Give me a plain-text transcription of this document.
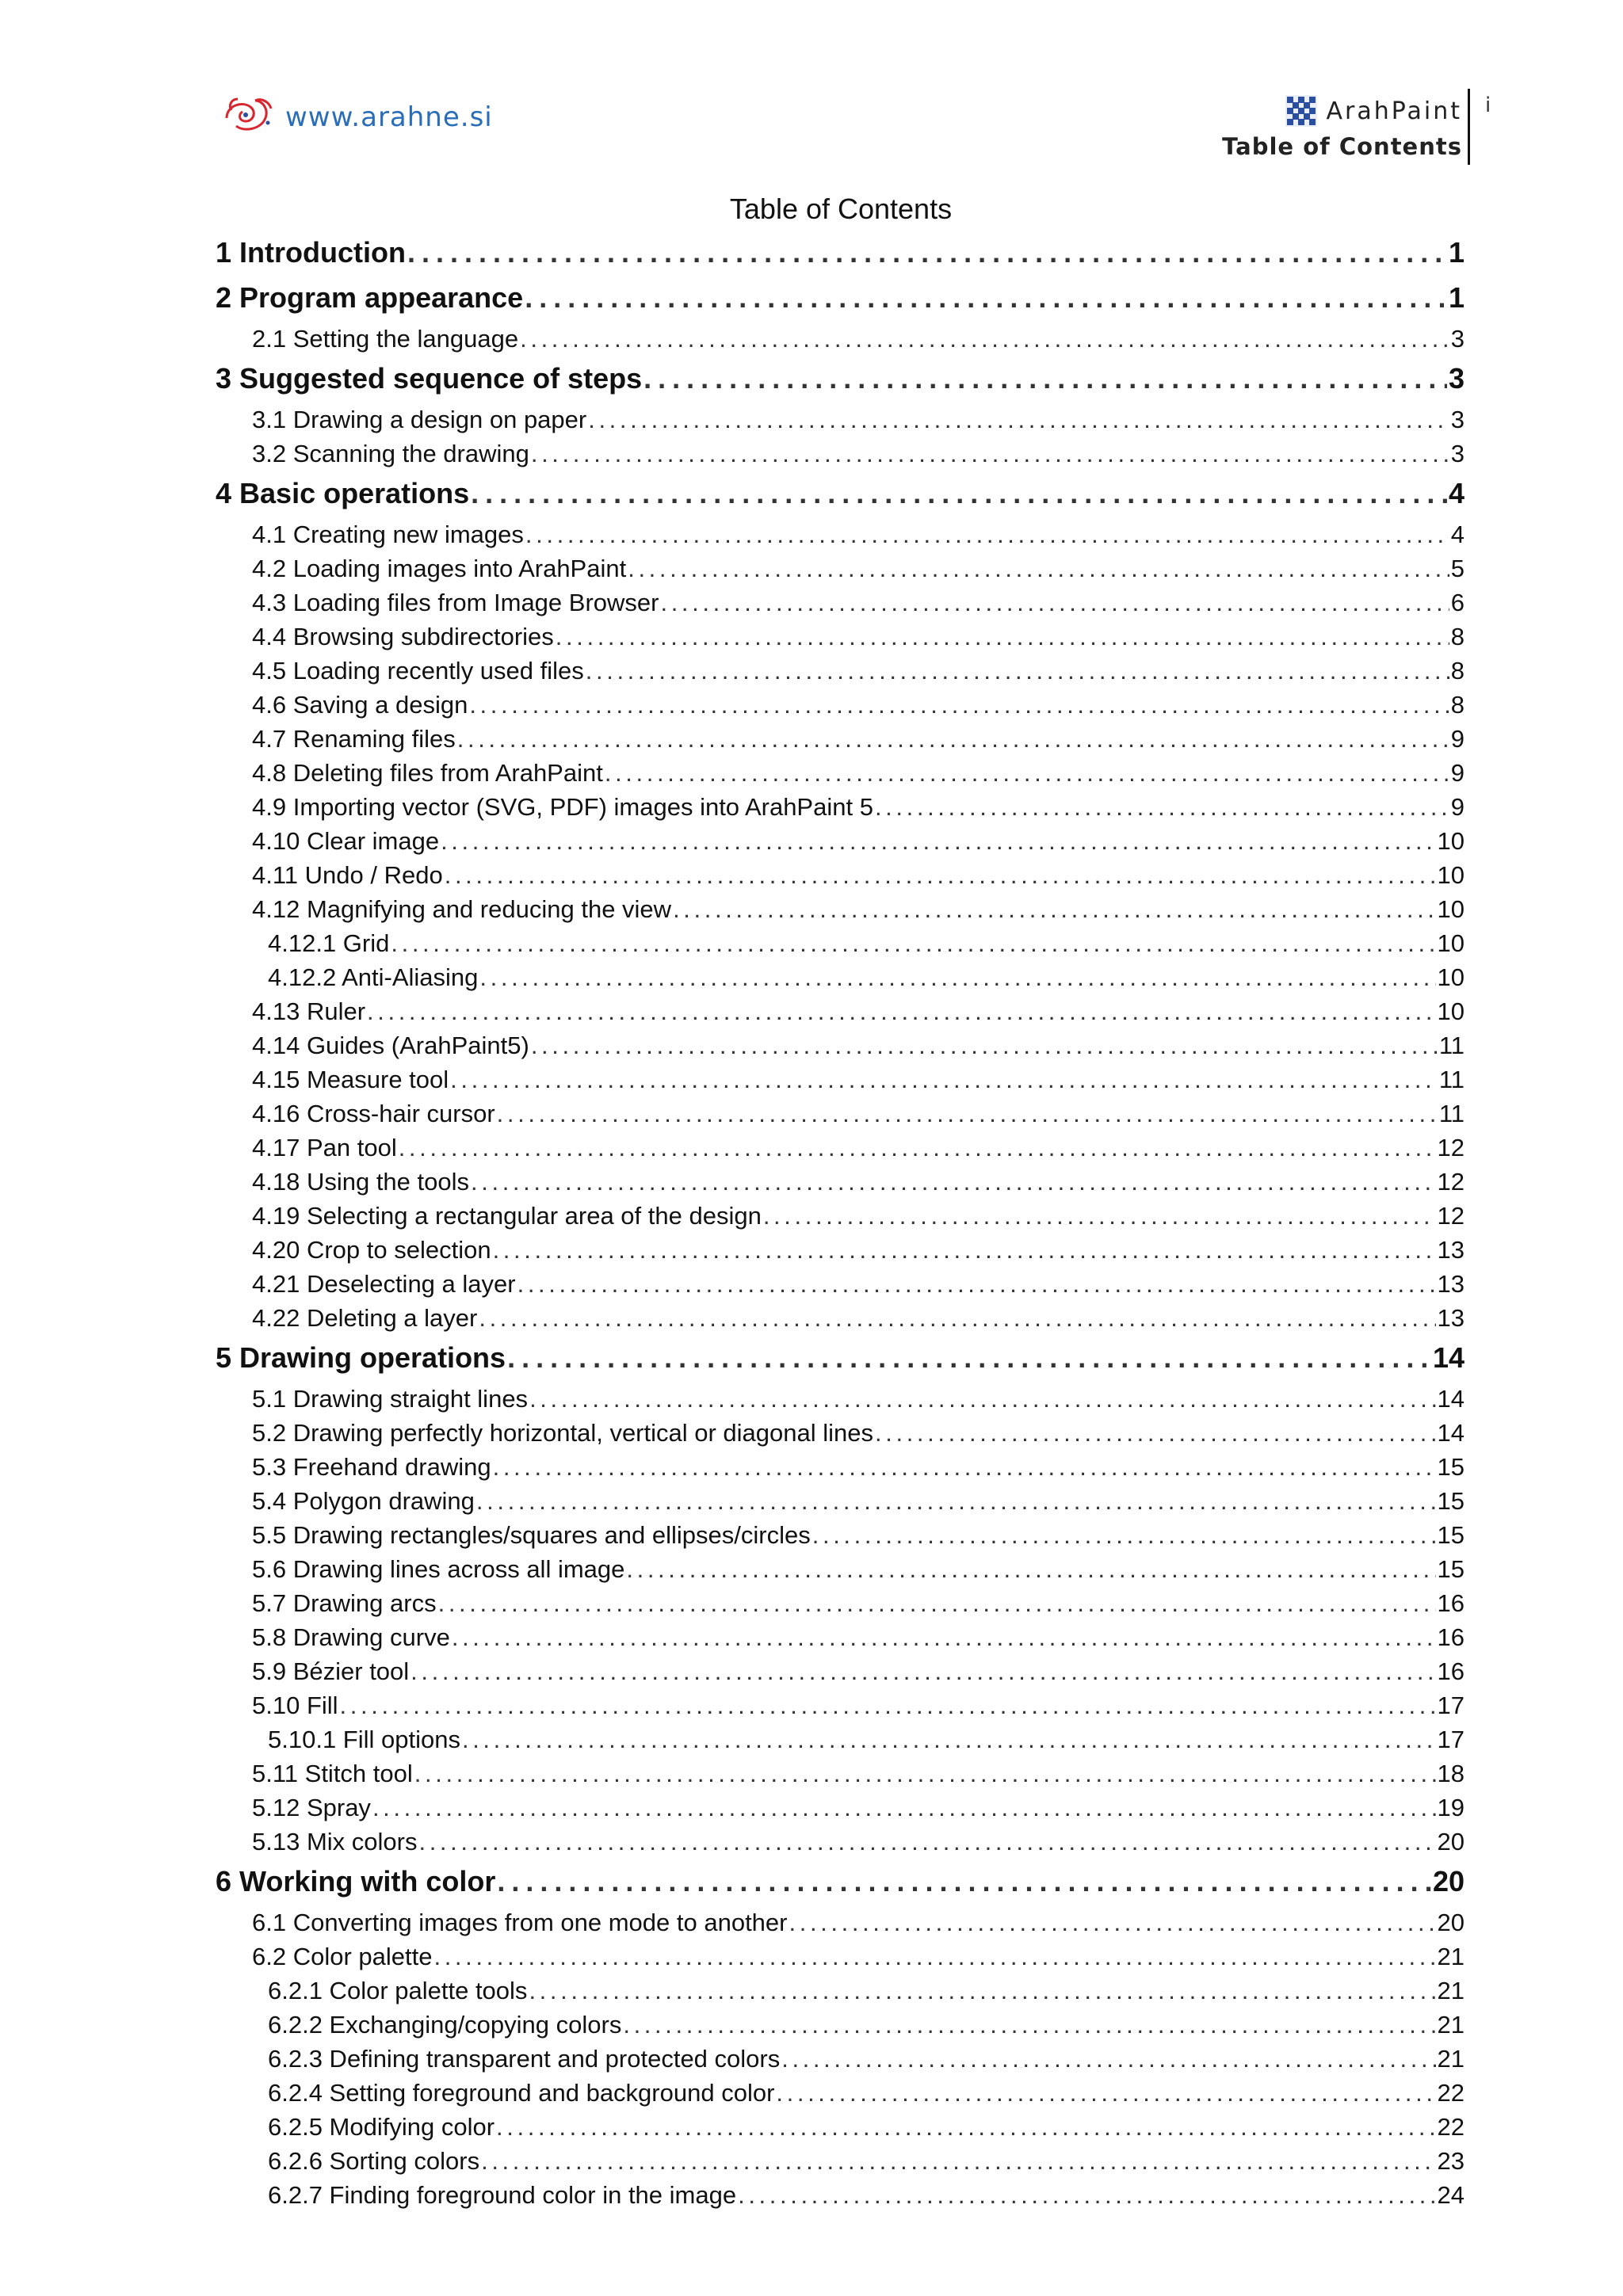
www.arahne.si	ArahPaint
Table of Contents
i
Table of Contents
1 Introduction . . .	1
2 Program appearance . . .	1
2.1 Setting the language . . .	3
3 Suggested sequence of steps . . .	3
3.1 Drawing a design on paper . . .	3
3.2 Scanning the drawing . . .	3
4 Basic operations . . .	4
4.1 Creating new images . . .	4
4.2 Loading images into ArahPaint . . .	5
4.3 Loading files from Image Browser . . .	6
4.4 Browsing subdirectories . . .	8
4.5 Loading recently used files . . .	8
4.6 Saving a design . . .	8
4.7 Renaming files . . .	9
4.8 Deleting files from ArahPaint . . .	9
4.9 Importing vector (SVG, PDF) images into ArahPaint 5 . . .	9
4.10 Clear image . . .	10
4.11 Undo / Redo . . .	10
4.12 Magnifying and reducing the view . . .	10
4.12.1 Grid . . .	10
4.12.2 Anti-Aliasing . . .	10
4.13 Ruler . . .	10
4.14 Guides (ArahPaint5) . . .	11
4.15 Measure tool . . .	11
4.16 Cross-hair cursor . . .	11
4.17 Pan tool . . .	12
4.18 Using the tools . . .	12
4.19 Selecting a rectangular area of the design . . .	12
4.20 Crop to selection . . .	13
4.21 Deselecting a layer . . .	13
4.22 Deleting a layer . . .	13
5 Drawing operations . . .	14
5.1 Drawing straight lines . . .	14
5.2 Drawing perfectly horizontal, vertical or diagonal lines . . .	14
5.3 Freehand drawing . . .	15
5.4 Polygon drawing . . .	15
5.5 Drawing rectangles/squares and ellipses/circles . . .	15
5.6 Drawing lines across all image . . .	15
5.7 Drawing arcs . . .	16
5.8 Drawing curve . . .	16
5.9 Bézier tool . . .	16
5.10 Fill . . .	17
5.10.1 Fill options . . .	17
5.11 Stitch tool . . .	18
5.12 Spray . . .	19
5.13 Mix colors . . .	20
6 Working with color . . .	20
6.1 Converting images from one mode to another . . .	20
6.2 Color palette . . .	21
6.2.1 Color palette tools . . .	21
6.2.2 Exchanging/copying colors . . .	21
6.2.3 Defining transparent and protected colors . . .	21
6.2.4 Setting foreground and background color . . .	22
6.2.5 Modifying color . . .	22
6.2.6 Sorting colors . . .	23
6.2.7 Finding foreground color in the image . . .	24
